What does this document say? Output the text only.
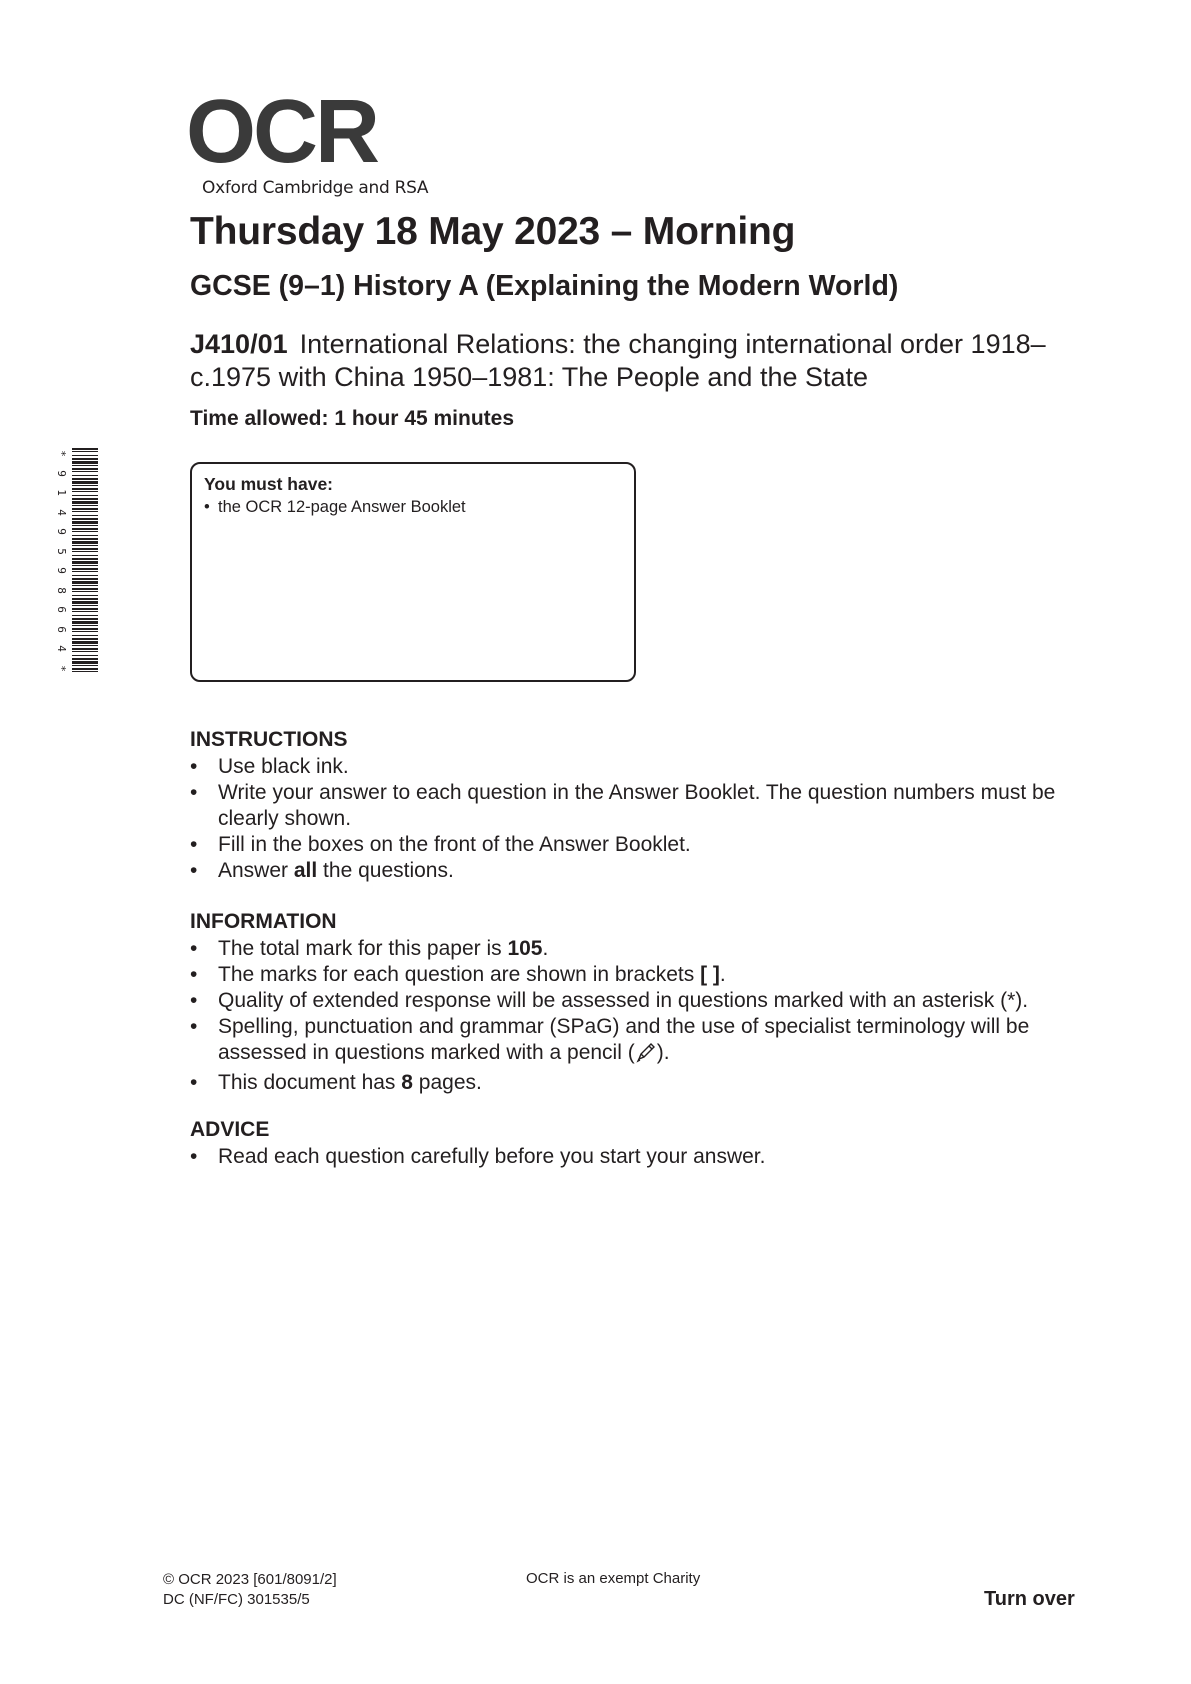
OCR
Oxford Cambridge and RSA
Thursday 18 May 2023 – Morning
GCSE (9–1) History A (Explaining the Modern World)
J410/01 International Relations: the changing international order 1918–c.1975 with China 1950–1981: The People and the State
Time allowed: 1 hour 45 minutes
*
9
1
4
9
5
9
8
6
6
4
*
You must have:
• the OCR 12-page Answer Booklet
INSTRUCTIONS
• Use black ink.
• Write your answer to each question in the Answer Booklet. The question numbers must be clearly shown.
• Fill in the boxes on the front of the Answer Booklet.
• Answer all the questions.
INFORMATION
• The total mark for this paper is 105.
• The marks for each question are shown in brackets [ ].
• Quality of extended response will be assessed in questions marked with an asterisk (*).
• Spelling, punctuation and grammar (SPaG) and the use of specialist terminology will be assessed in questions marked with a pencil ( ).
• This document has 8 pages.
ADVICE
• Read each question carefully before you start your answer.
© OCR 2023 [601/8091/2]
DC (NF/FC) 301535/5
OCR is an exempt Charity
Turn over
